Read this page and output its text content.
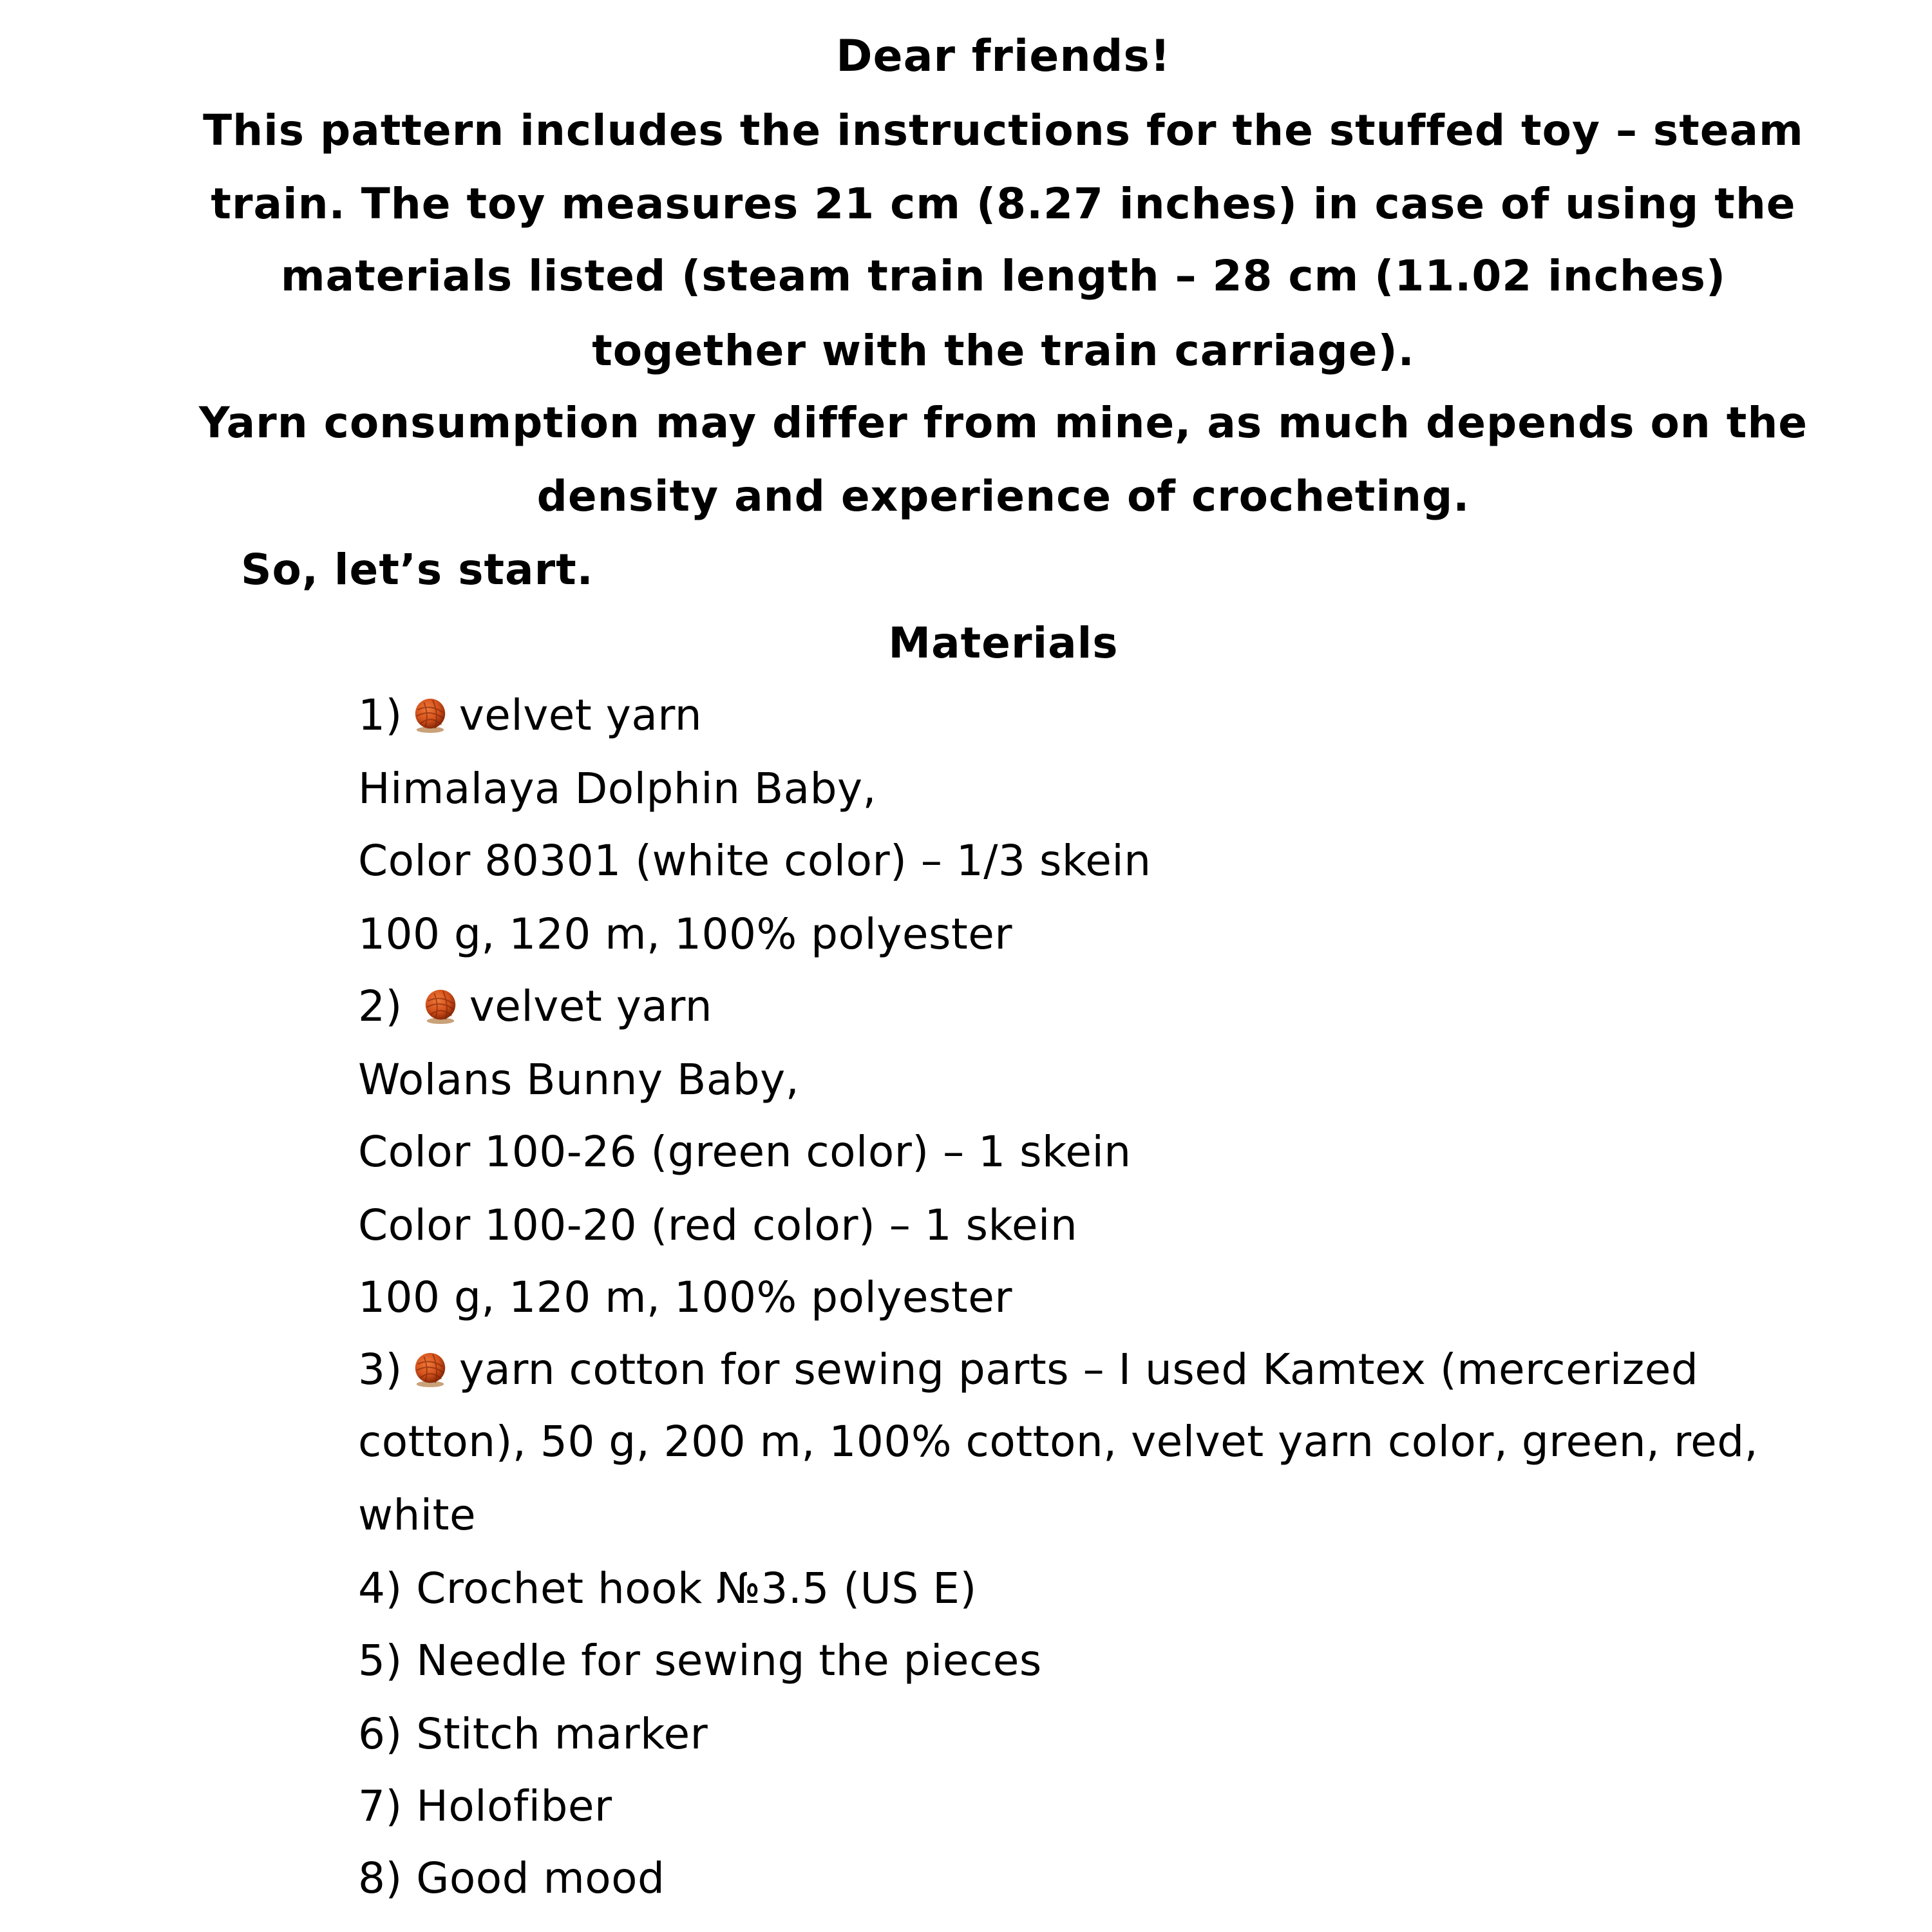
Dear friends!
This pattern includes the instructions for the stuffed toy – steam
train. The toy measures 21 cm (8.27 inches) in case of using the
materials listed (steam train length – 28 cm (11.02 inches)
together with the train carriage).
Yarn consumption may differ from mine, as much depends on the
density and experience of crocheting.
So, let’s start.
Materials
1) velvet yarn
Himalaya Dolphin Baby,
Color 80301 (white color) – 1/3 skein
100 g, 120 m, 100% polyester
2) velvet yarn
Wolans Bunny Baby,
Color 100-26 (green color) – 1 skein
Color 100-20 (red color) – 1 skein
100 g, 120 m, 100% polyester
3) yarn cotton for sewing parts – I used Kamtex (mercerized
cotton), 50 g, 200 m, 100% cotton, velvet yarn color, green, red,
white
4) Crochet hook №3.5 (US E)
5) Needle for sewing the pieces
6) Stitch marker
7) Holofiber
8) Good mood
